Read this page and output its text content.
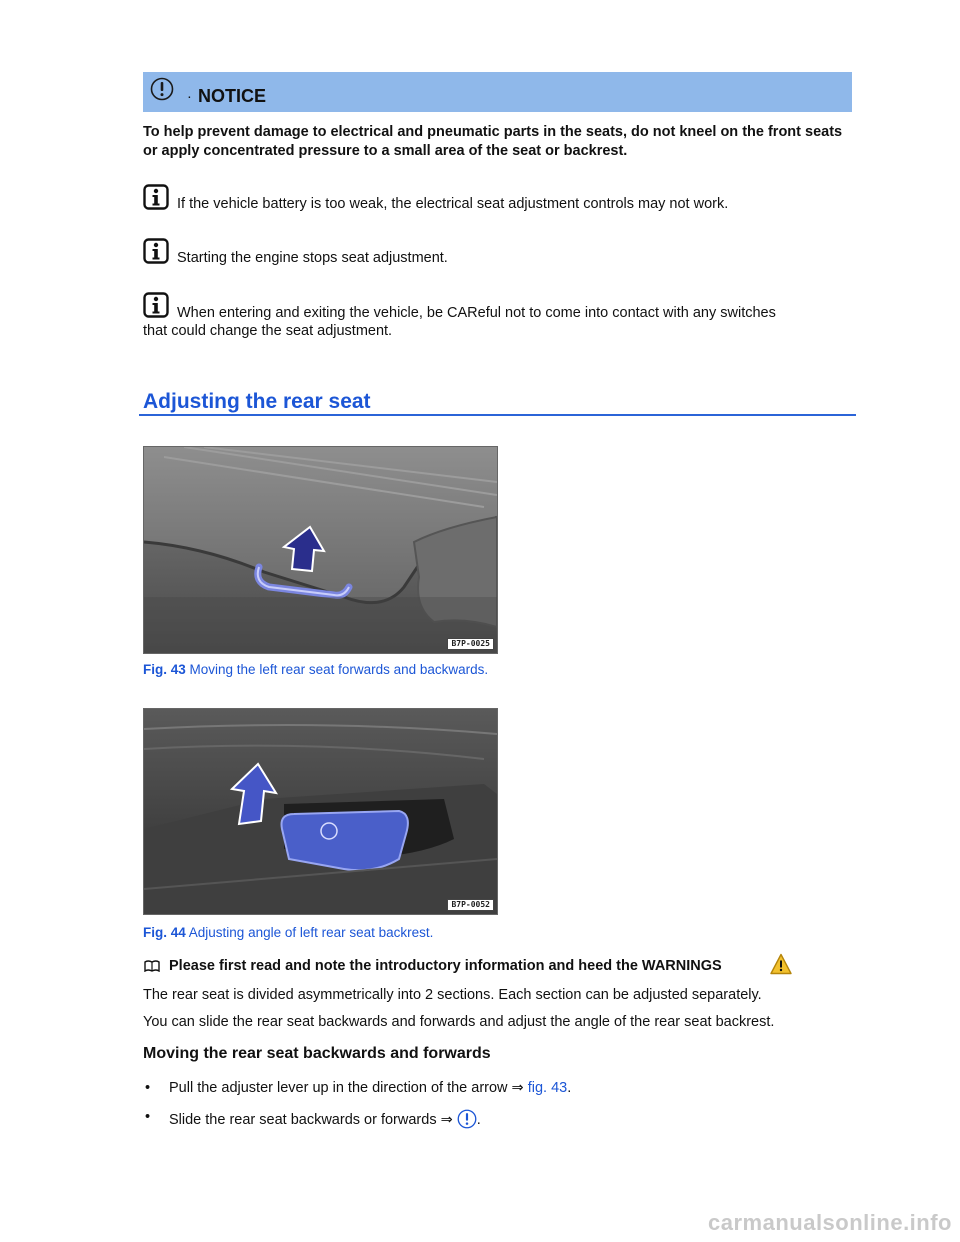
. NOTICE
To help prevent damage to electrical and pneumatic parts in the seats, do not kneel on the front seats or apply concentrated pressure to a small area of the seat or backrest.
If the vehicle battery is too weak, the electrical seat adjustment controls may not work.
Starting the engine stops seat adjustment.
When entering and exiting the vehicle, be CAReful not to come into contact with any switches
that could change the seat adjustment.
Adjusting the rear seat
B7P-0025
Fig. 43 Moving the left rear seat forwards and backwards.
B7P-0052
Fig. 44 Adjusting angle of left rear seat backrest.
Please first read and note the introductory information and heed the WARNINGS
The rear seat is divided asymmetrically into 2 sections. Each section can be adjusted separately.
You can slide the rear seat backwards and forwards and adjust the angle of the rear seat backrest.
Moving the rear seat backwards and forwards
• Pull the adjuster lever up in the direction of the arrow ⇒ fig. 43.
• Slide the rear seat backwards or forwards ⇒ .
carmanualsonline.info
